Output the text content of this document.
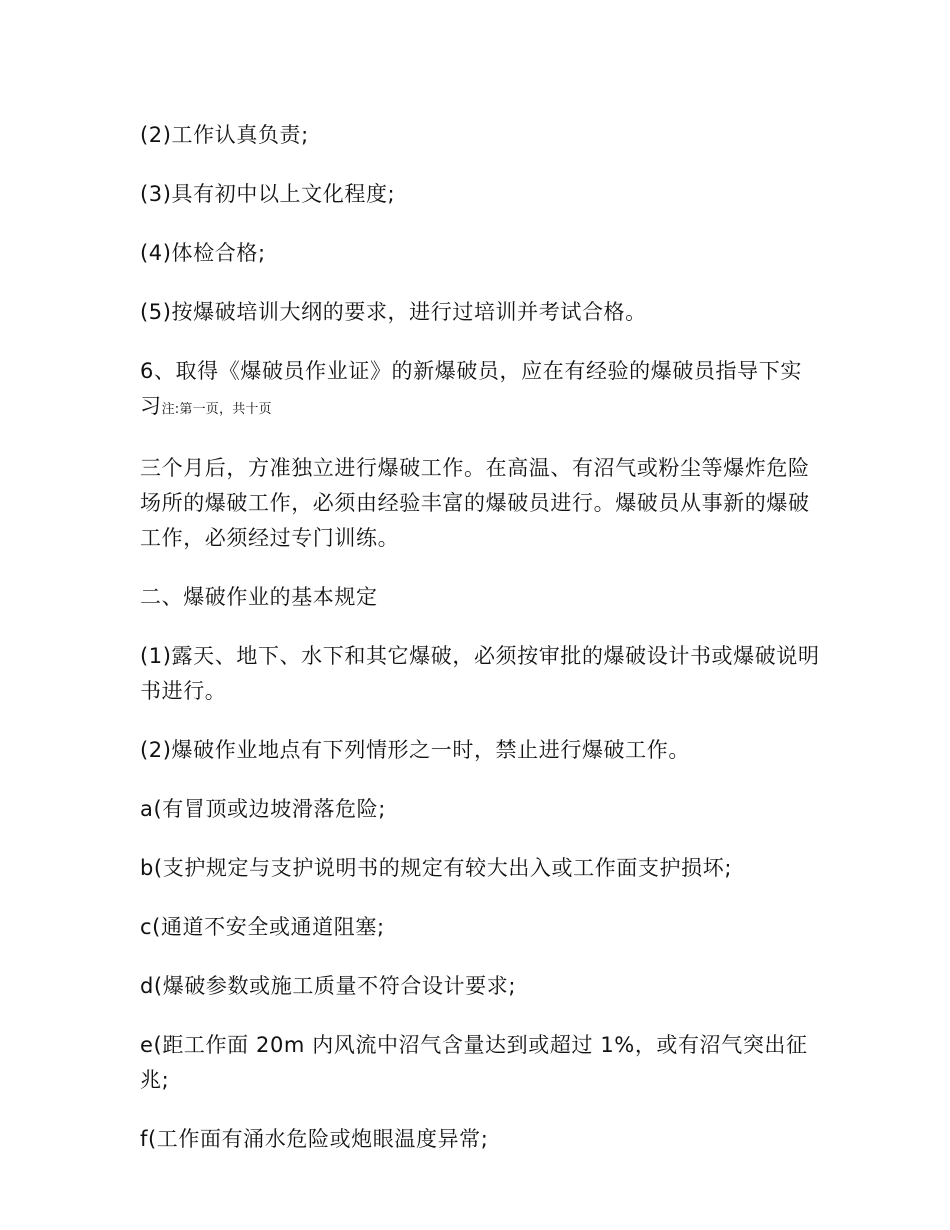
(2)工作认真负责;

(3)具有初中以上文化程度;

(4)体检合格;

(5)按爆破培训大纲的要求，进行过培训并考试合格。

6、取得《爆破员作业证》的新爆破员，应在有经验的爆破员指导下实习注:第一页，共十页

三个月后，方准独立进行爆破工作。在高温、有沼气或粉尘等爆炸危险场所的爆破工作，必须由经验丰富的爆破员进行。爆破员从事新的爆破工作，必须经过专门训练。

二、爆破作业的基本规定

(1)露天、地下、水下和其它爆破，必须按审批的爆破设计书或爆破说明书进行。

(2)爆破作业地点有下列情形之一时，禁止进行爆破工作。

a(有冒顶或边坡滑落危险;

b(支护规定与支护说明书的规定有较大出入或工作面支护损坏;

c(通道不安全或通道阻塞;

d(爆破参数或施工质量不符合设计要求;

e(距工作面 20m 内风流中沼气含量达到或超过 1%，或有沼气突出征兆;

f(工作面有涌水危险或炮眼温度异常;
